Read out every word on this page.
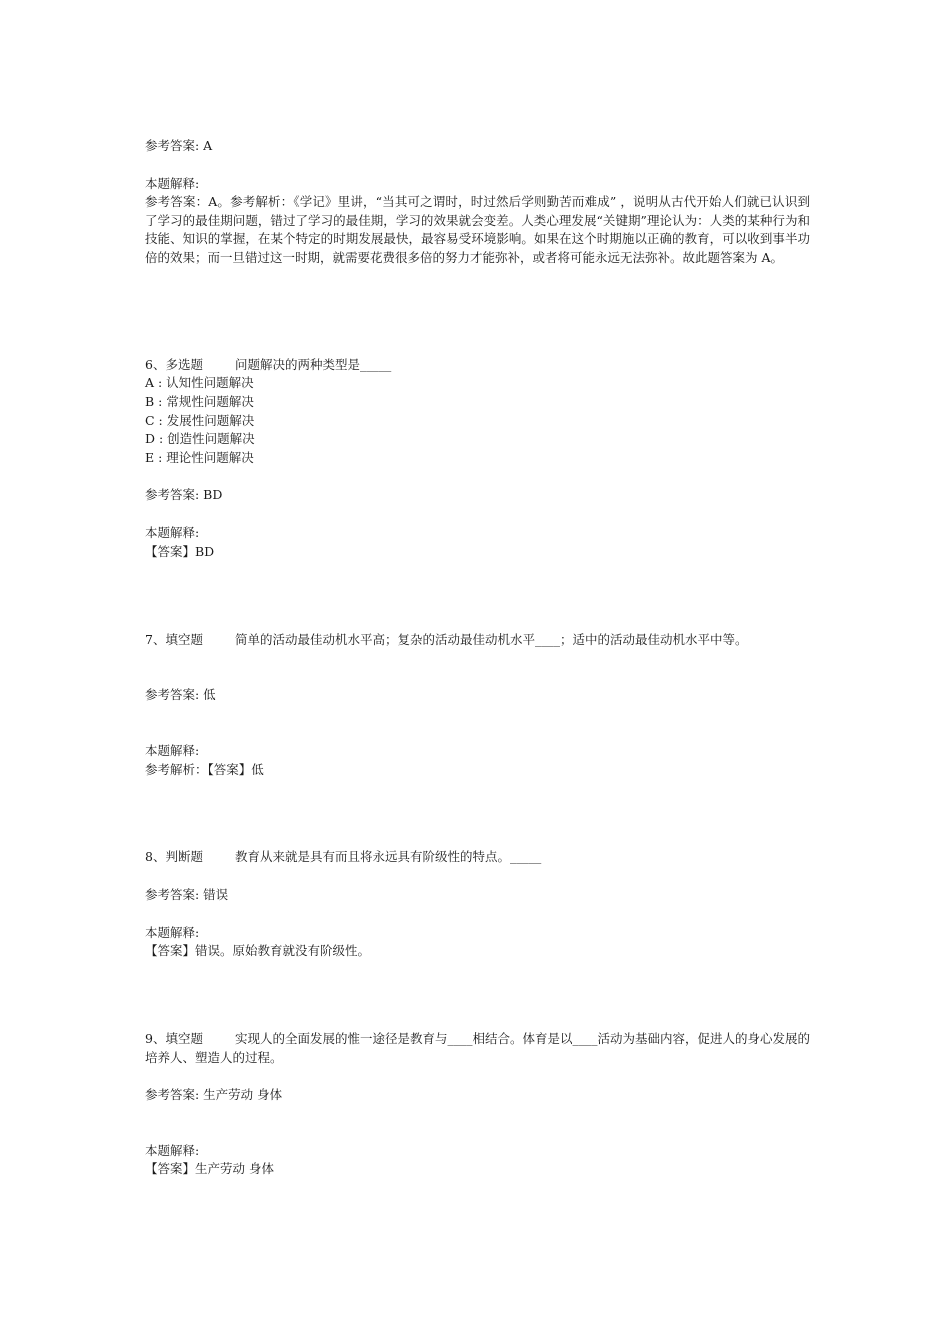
参考答案: A
本题解释:
参考答案：A。参考解析：《学记》里讲，“当其可之谓时，时过然后学则勤苦而难成” ，说明从古代开始人们就已认识到了学习的最佳期问题，错过了学习的最佳期，学习的效果就会变差。人类心理发展“关键期”理论认为：人类的某种行为和技能、知识的掌握，在某个特定的时期发展最快，最容易受环境影响。如果在这个时期施以正确的教育，可以收到事半功倍的效果；而一旦错过这一时期，就需要花费很多倍的努力才能弥补，或者将可能永远无法弥补。故此题答案为 A。
6、多选题	问题解决的两种类型是_____
A : 认知性问题解决
B : 常规性问题解决
C : 发展性问题解决
D : 创造性问题解决
E : 理论性问题解决
参考答案: BD
本题解释:
【答案】BD
7、填空题	简单的活动最佳动机水平高；复杂的活动最佳动机水平____；适中的活动最佳动机水平中等。
参考答案: 低
本题解释:
参考解析：【答案】低
8、判断题	教育从来就是具有而且将永远具有阶级性的特点。_____
参考答案: 错误
本题解释:
【答案】错误。原始教育就没有阶级性。
9、填空题	实现人的全面发展的惟一途径是教育与____相结合。体育是以____活动为基础内容，促进人的身心发展的培养人、塑造人的过程。
参考答案: 生产劳动 身体
本题解释:
【答案】生产劳动 身体
